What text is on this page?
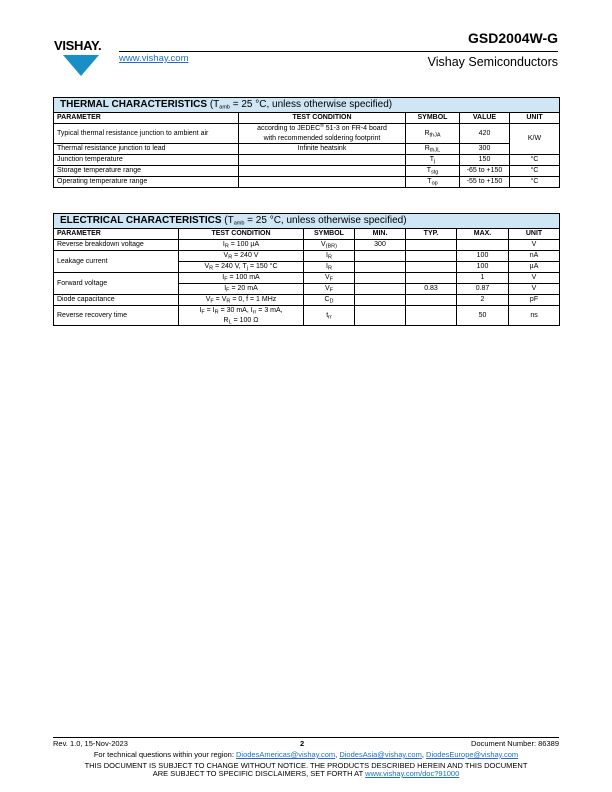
VISHAY.
www.vishay.com
GSD2004W-G
Vishay Semiconductors
THERMAL CHARACTERISTICS ($T_{amb} = 25$ °C, unless otherwise specified)				
PARAMETER	TEST CONDITION	SYMBOL	VALUE	UNIT
Typical thermal resistance junction to ambient air	according to JEDEC® 51-3 on FR-4 board
with recommended soldering footprint	$R_{thJA}$	420	K/W
Thermal resistance junction to lead	Infinite heatsink	$R_{thJL}$	300	
Junction temperature		$T_j$	150	°C
Storage temperature range		$T_{stg}$	-65 to +150	°C
Operating temperature range		$T_{op}$	-55 to +150	°C
ELECTRICAL CHARACTERISTICS ($T_{amb} = 25$ °C, unless otherwise specified)						
PARAMETER	TEST CONDITION	SYMBOL	MIN.	TYP.	MAX.	UNIT
Reverse breakdown voltage	$I_R = 100$ µA	$V_{(BR)}$	300			V
Leakage current	$V_R = 240$ V	$I_R$			100	nA
	$V_R = 240$ V, $T_j = 150$ °C	$I_R$			100	µA
Forward voltage	$I_F = 100$ mA	$V_F$			1	V
	$I_F = 20$ mA	$V_F$		0.83	0.87	V
Diode capacitance	$V_F = V_R = 0$, f = 1 MHz	$C_D$			2	pF
Reverse recovery time	$I_F = I_R = 30$ mA, $I_{rr} = 3$ mA,
$R_L = 100$ Ω	$t_{rr}$			50	ns
Rev. 1.0, 15-Nov-2023	2	Document Number: 86389
For technical questions within your region: DiodesAmericas@vishay.com, DiodesAsia@vishay.com, DiodesEurope@vishay.com
THIS DOCUMENT IS SUBJECT TO CHANGE WITHOUT NOTICE. THE PRODUCTS DESCRIBED HEREIN AND THIS DOCUMENT
ARE SUBJECT TO SPECIFIC DISCLAIMERS, SET FORTH AT www.vishay.com/doc?91000
